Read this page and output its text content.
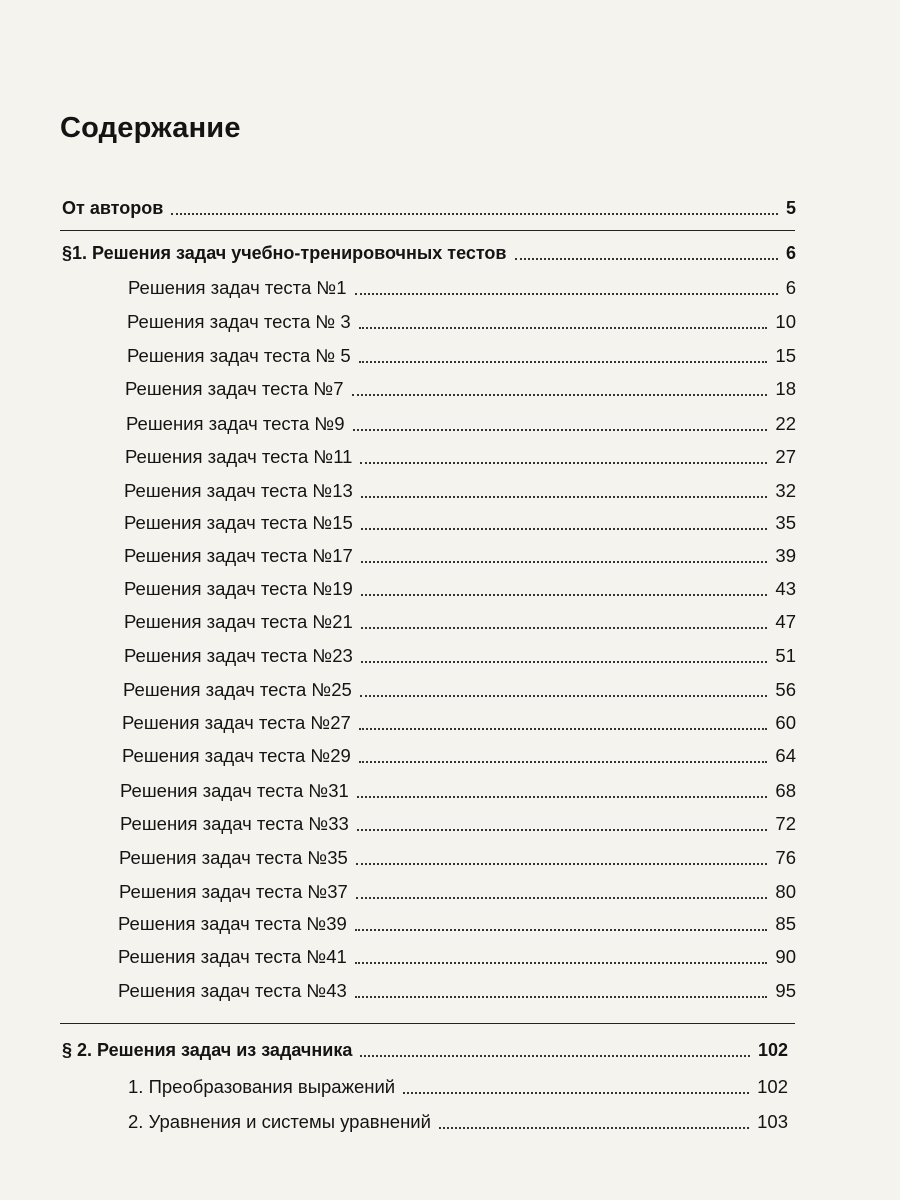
Содержание
От авторов	5
§1. Решения задач учебно-тренировочных тестов	6
Решения задач теста №1	6
Решения задач теста № 3	10
Решения задач теста № 5	15
Решения задач теста №7	18
Решения задач теста №9	22
Решения задач теста №11	27
Решения задач теста №13	32
Решения задач теста №15	35
Решения задач теста №17	39
Решения задач теста №19	43
Решения задач теста №21	47
Решения задач теста №23	51
Решения задач теста №25	56
Решения задач теста №27	60
Решения задач теста №29	64
Решения задач теста №31	68
Решения задач теста №33	72
Решения задач теста №35	76
Решения задач теста №37	80
Решения задач теста №39	85
Решения задач теста №41	90
Решения задач теста №43	95
§ 2. Решения задач из задачника	102
1. Преобразования выражений	102
2. Уравнения и системы уравнений	103
